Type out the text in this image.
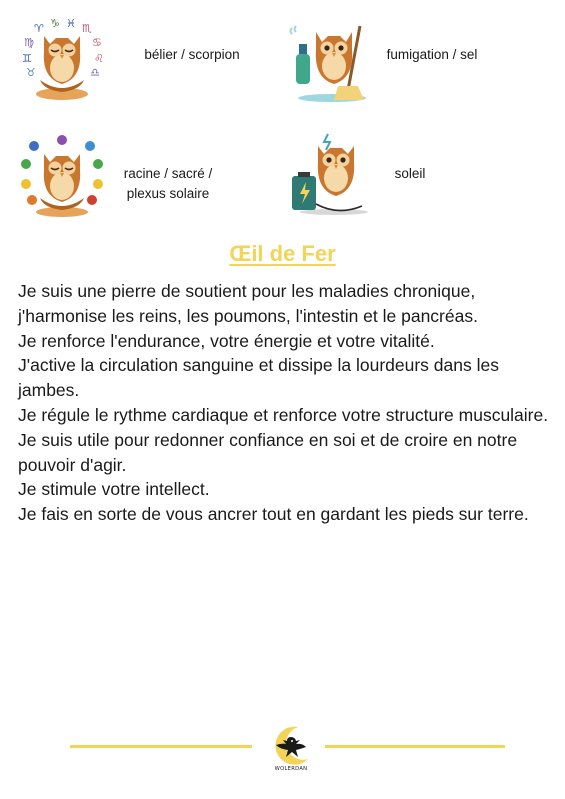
♈ ♑ ♓ ♏
♍	♋
♊	♌
♉	♎
bélier / scorpion	fumigation / sel
racine / sacré /
plexus solaire
soleil
Œil de Fer

Je suis une pierre de soutient pour les maladies chronique, j'harmonise les reins, les poumons, l'intestin et le pancréas.

Je renforce l'endurance, votre énergie et votre vitalité.

J'active la circulation sanguine et dissipe la lourdeurs dans les jambes.

Je régule le rythme cardiaque et renforce votre structure musculaire.

Je suis utile pour redonner confiance en soi et de croire en notre pouvoir d'agir.

Je stimule votre intellect.

Je fais en sorte de vous ancrer tout en gardant les pieds sur terre.

WOLERDAN
